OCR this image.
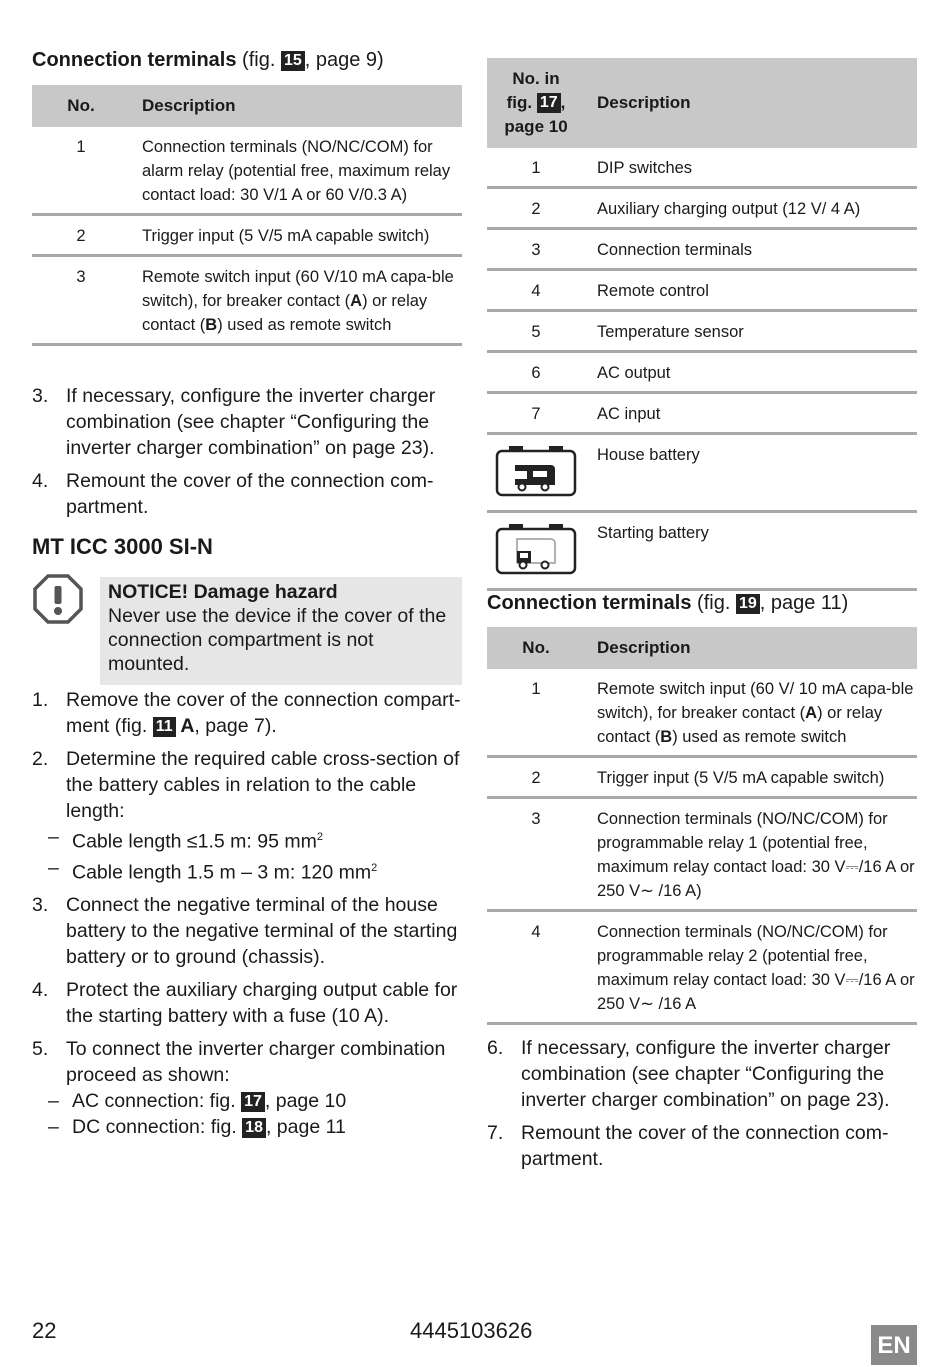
Connection terminals (fig. 15 , page 9)

No.	Description
1	Connection terminals (NO/NC/COM) for alarm relay (potential free, maximum relay contact load: 30 V/1 A or 60 V/0.3 A)
2	Trigger input (5 V/5 mA capable switch)
3	Remote switch input (60 V/10 mA capa-ble switch), for breaker contact (A) or relay contact (B) used as remote switch
3. If necessary, configure the inverter charger combination (see chapter “Configuring the inverter charger combination” on page 23).
4. Remount the cover of the connection com-partment.

MT ICC 3000 SI-N

NOTICE! Damage hazard
Never use the device if the cover of the connection compartment is not mounted.
1. Remove the cover of the connection compart-ment (fig. 11 A, page 7).
2. Determine the required cable cross-section of the battery cables in relation to the cable length:
– Cable length ≤1.5 m: 95 $mm^2$
– Cable length 1.5 m – 3 m: 120 $mm^2$
3. Connect the negative terminal of the house battery to the negative terminal of the starting battery or to ground (chassis).
4. Protect the auxiliary charging output cable for the starting battery with a fuse (10 A).
5. To connect the inverter charger combination proceed as shown:
– AC connection: fig. 17 , page 10
– DC connection: fig. 18 , page 11
No. in
fig. 17 ,
page 10	Description
1	DIP switches
2	Auxiliary charging output (12 V/ 4 A)
3	Connection terminals
4	Remote control
5	Temperature sensor
6	AC output
7	AC input
	House battery
	Starting battery

Connection terminals (fig. 19 , page 11)

No.	Description
1	Remote switch input (60 V/ 10 mA capa-ble switch), for breaker contact (A) or relay contact (B) used as remote switch
2	Trigger input (5 V/5 mA capable switch)
3	Connection terminals (NO/NC/COM) for programmable relay 1 (potential free, maximum relay contact load: 30 V⎓/16 A or 250 V∼ /16 A)
4	Connection terminals (NO/NC/COM) for programmable relay 2 (potential free, maximum relay contact load: 30 V⎓/16 A or 250 V∼ /16 A
6. If necessary, configure the inverter charger combination (see chapter “Configuring the inverter charger combination” on page 23).
7. Remount the cover of the connection com-partment.
22	4445103626
EN
